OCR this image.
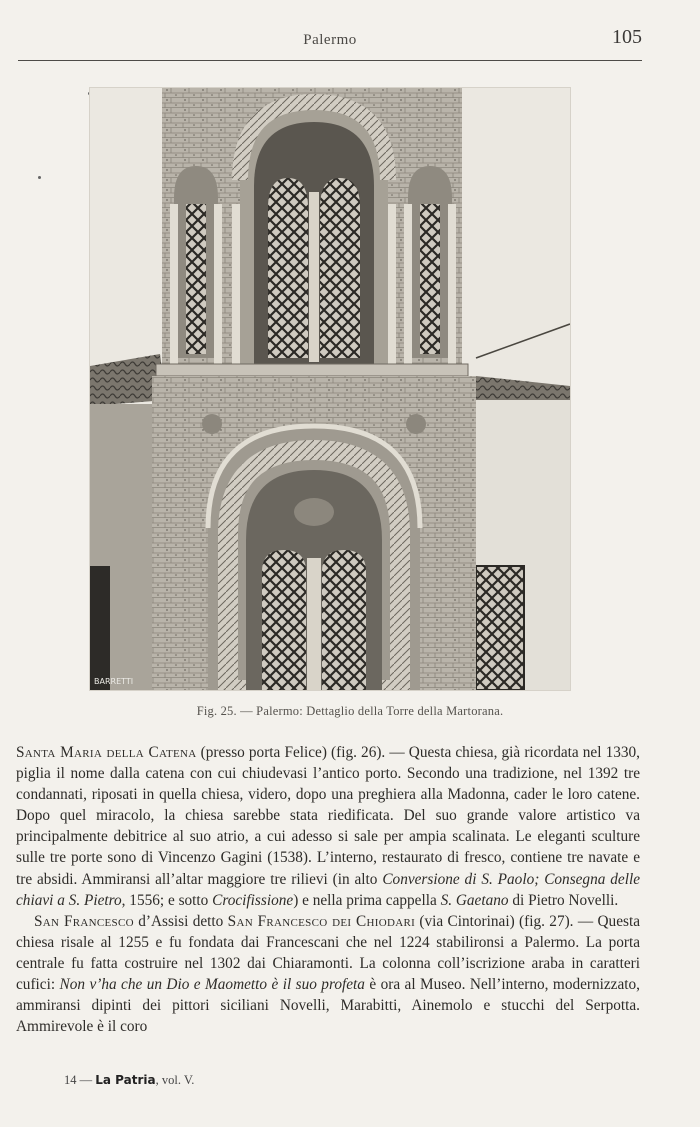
Palermo	105
BARRETTI
Fig. 25. — Palermo: Dettaglio della Torre della Martorana.

Santa Maria della Catena (presso porta Felice) (fig. 26). — Questa chiesa, già ricordata nel 1330, piglia il nome dalla catena con cui chiudevasi l’antico porto. Secondo una tradizione, nel 1392 tre condannati, riposati in quella chiesa, videro, dopo una preghiera alla Madonna, cader le loro catene. Dopo quel miracolo, la chiesa sarebbe stata riedificata. Del suo grande valore artistico va principalmente debitrice al suo atrio, a cui adesso si sale per ampia scalinata. Le eleganti sculture sulle tre porte sono di Vincenzo Gagini (1538). L’interno, restaurato di fresco, contiene tre navate e tre absidi. Ammiransi all’altar maggiore tre rilievi (in alto Conversione di S. Paolo; Consegna delle chiavi a S. Pietro, 1556; e sotto Crocifissione) e nella prima cappella S. Gaetano di Pietro Novelli.

San Francesco d’Assisi detto San Francesco dei Chiodari (via Cintorinai) (fig. 27). — Questa chiesa risale al 1255 e fu fondata dai Francescani che nel 1224 stabilironsi a Palermo. La porta centrale fu fatta costruire nel 1302 dai Chiaramonti. La colonna coll’iscrizione araba in caratteri cufici: Non v’ha che un Dio e Maometto è il suo profeta è ora al Museo. Nell’interno, modernizzato, ammiransi dipinti dei pittori siciliani Novelli, Marabitti, Ainemolo e stucchi del Serpotta. Ammirevole è il coro

14 — La Patria, vol. V.
